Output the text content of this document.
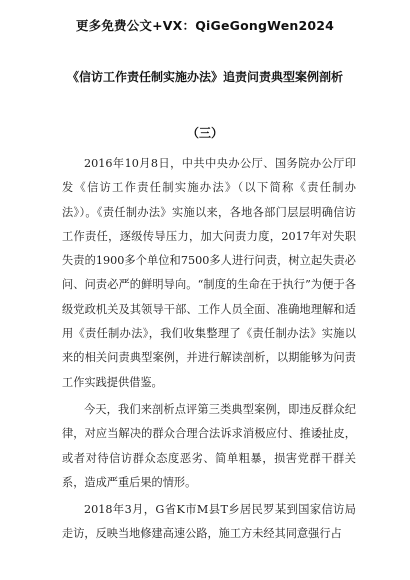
更多免费公文+VX：QiGeGongWen2024
《信访工作责任制实施办法》追责问责典型案例剖析
（三）

2016年10月8日，中共中央办公厅、国务院办公厅印发《信访工作责任制实施办法》（以下简称《责任制办法》）。《责任制办法》实施以来，各地各部门层层明确信访工作责任，逐级传导压力，加大问责力度，2017年对失职失责的1900多个单位和7500多人进行问责，树立起失责必问、问责必严的鲜明导向。“制度的生命在于执行”为便于各级党政机关及其领导干部、工作人员全面、准确地理解和适用《责任制办法》，我们收集整理了《责任制办法》实施以来的相关问责典型案例，并进行解读剖析，以期能够为问责工作实践提供借鉴。

今天，我们来剖析点评第三类典型案例，即违反群众纪律，对应当解决的群众合理合法诉求消极应付、推诿扯皮，或者对待信访群众态度恶劣、简单粗暴，损害党群干群关系，造成严重后果的情形。

2018年3月，G省K市M县T乡居民罗某到国家信访局走访，反映当地修建高速公路，施工方未经其同意强行占
